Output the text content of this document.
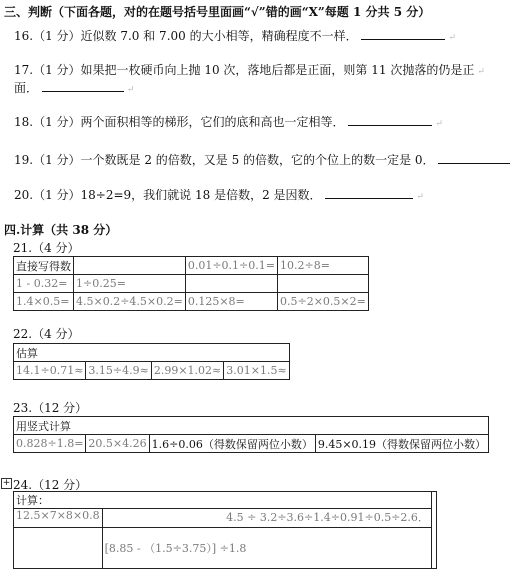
三、判断（下面各题，对的在题号括号里面画“√”错的画“X”每题 1 分共 5 分）
16.（1 分）近似数 7.0 和 7.00 的大小相等，精确程度不一样．	↵
17.（1 分）如果把一枚硬币向上抛 10 次，落地后都是正面，则第 11 次抛落的仍是正 ↵
面．	↵
18.（1 分）两个面积相等的梯形，它们的底和高也一定相等．	↵
19.（1 分）一个数既是 2 的倍数，又是 5 的倍数，它的个位上的数一定是 0．
20.（1 分）18÷2=9，我们就说 18 是倍数，2 是因数．	↵
四.计算（共 38 分）
21.（4 分）
直接写得数		0.01÷0.1÷0.1=	10.2÷8=
1 - 0.32=	1÷0.25=		
1.4×0.5=	4.5×0.2÷4.5×0.2=	0.125×8=	0.5÷2×0.5×2=
22.（4 分）
估算
14.1÷0.71≈	3.15÷4.9≈	2.99×1.02≈	3.01×1.5≈
23.（12 分）
用竖式计算
0.828÷1.8=	20.5×4.26	1.6÷0.06（得数保留两位小数）	9.45×0.19（得数保留两位小数）
+ 24.（12 分）
计算：		
12.5×7×8×0.8	4.5 ÷ 3.2÷3.6÷1.4÷0.91÷0.5÷2.6．	
	[8.85 - （1.5÷3.75）] ÷1.8	
